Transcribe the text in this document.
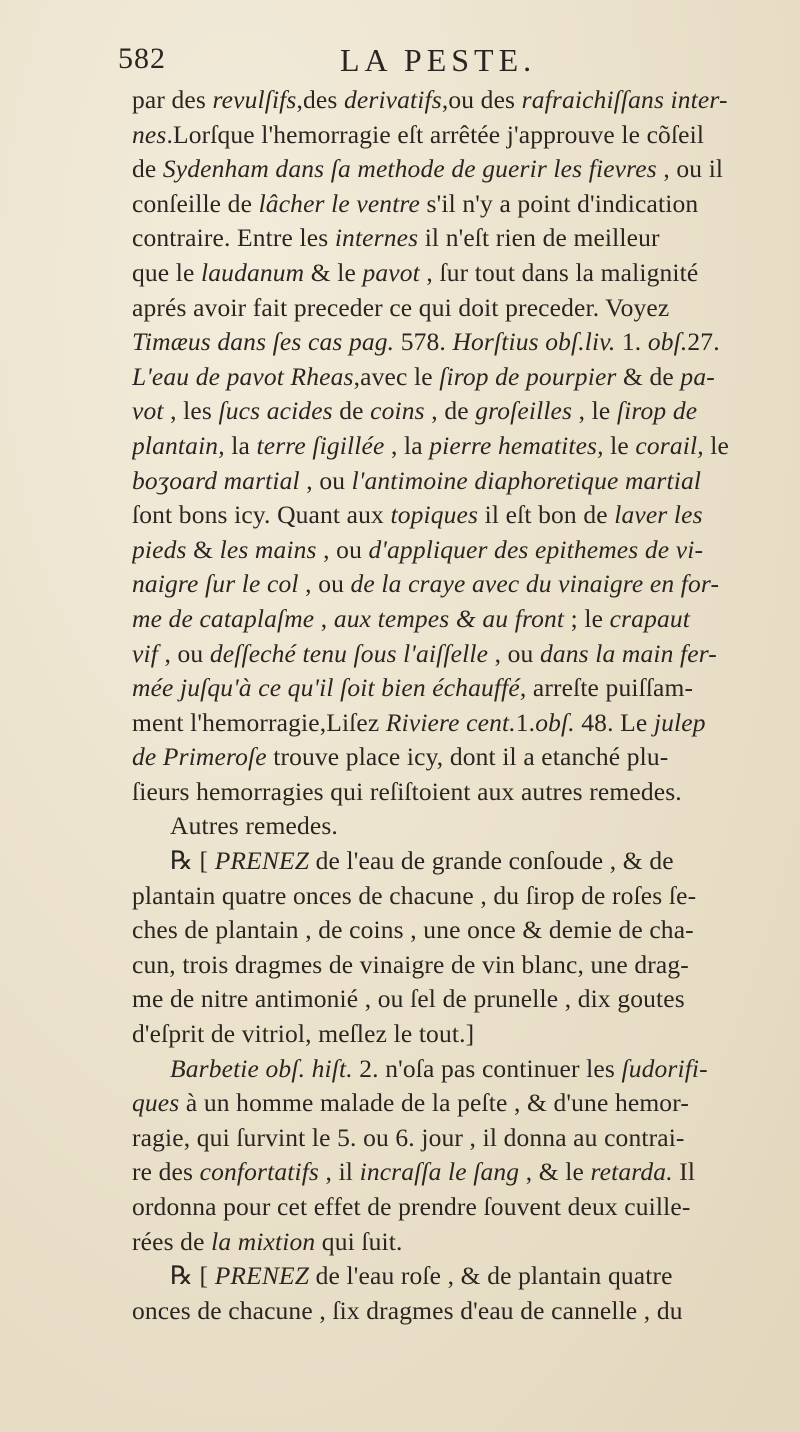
582	LA PESTE.
par des revulſifs,des derivatifs,ou des rafraichiſſans inter-
nes.Lorſque l'hemorragie eſt arrêtée j'approuve le cõſeil
de Sydenham dans ſa methode de guerir les fievres , ou il
conſeille de lâcher le ventre s'il n'y a point d'indication
contraire. Entre les internes il n'eſt rien de meilleur
que le laudanum & le pavot , ſur tout dans la malignité
aprés avoir fait preceder ce qui doit preceder. Voyez
Timæus dans ſes cas pag. 578. Horſtius obſ.liv. 1. obſ.27.
L'eau de pavot Rheas,avec le ſirop de pourpier & de pa-
vot , les ſucs acides de coins , de groſeilles , le ſirop de
plantain, la terre ſigillée , la pierre hematites, le corail, le
boʒoard martial , ou l'antimoine diaphoretique martial
ſont bons icy. Quant aux topiques il eſt bon de laver les
pieds & les mains , ou d'appliquer des epithemes de vi-
naigre ſur le col , ou de la craye avec du vinaigre en for-
me de cataplaſme , aux tempes & au front ; le crapaut
vif , ou deſſeché tenu ſous l'aiſſelle , ou dans la main fer-
mée juſqu'à ce qu'il ſoit bien échauffé, arreſte puiſſam-
ment l'hemorragie,Liſez Riviere cent.1.obſ. 48. Le julep
de Primeroſe trouve place icy, dont il a etanché plu-
ſieurs hemorragies qui reſiſtoient aux autres remedes.
Autres remedes.
℞ [ PRENEZ de l'eau de grande conſoude , & de
plantain quatre onces de chacune , du ſirop de roſes ſe-
ches de plantain , de coins , une once & demie de cha-
cun, trois dragmes de vinaigre de vin blanc, une drag-
me de nitre antimonié , ou ſel de prunelle , dix goutes
d'eſprit de vitriol, meſlez le tout.]
Barbetie obſ. hiſt. 2. n'oſa pas continuer les ſudorifi-
ques à un homme malade de la peſte , & d'une hemor-
ragie, qui ſurvint le 5. ou 6. jour , il donna au contrai-
re des confortatifs , il incraſſa le ſang , & le retarda. Il
ordonna pour cet effet de prendre ſouvent deux cuille-
rées de la mixtion qui ſuit.
℞ [ PRENEZ de l'eau roſe , & de plantain quatre
onces de chacune , ſix dragmes d'eau de cannelle , du
